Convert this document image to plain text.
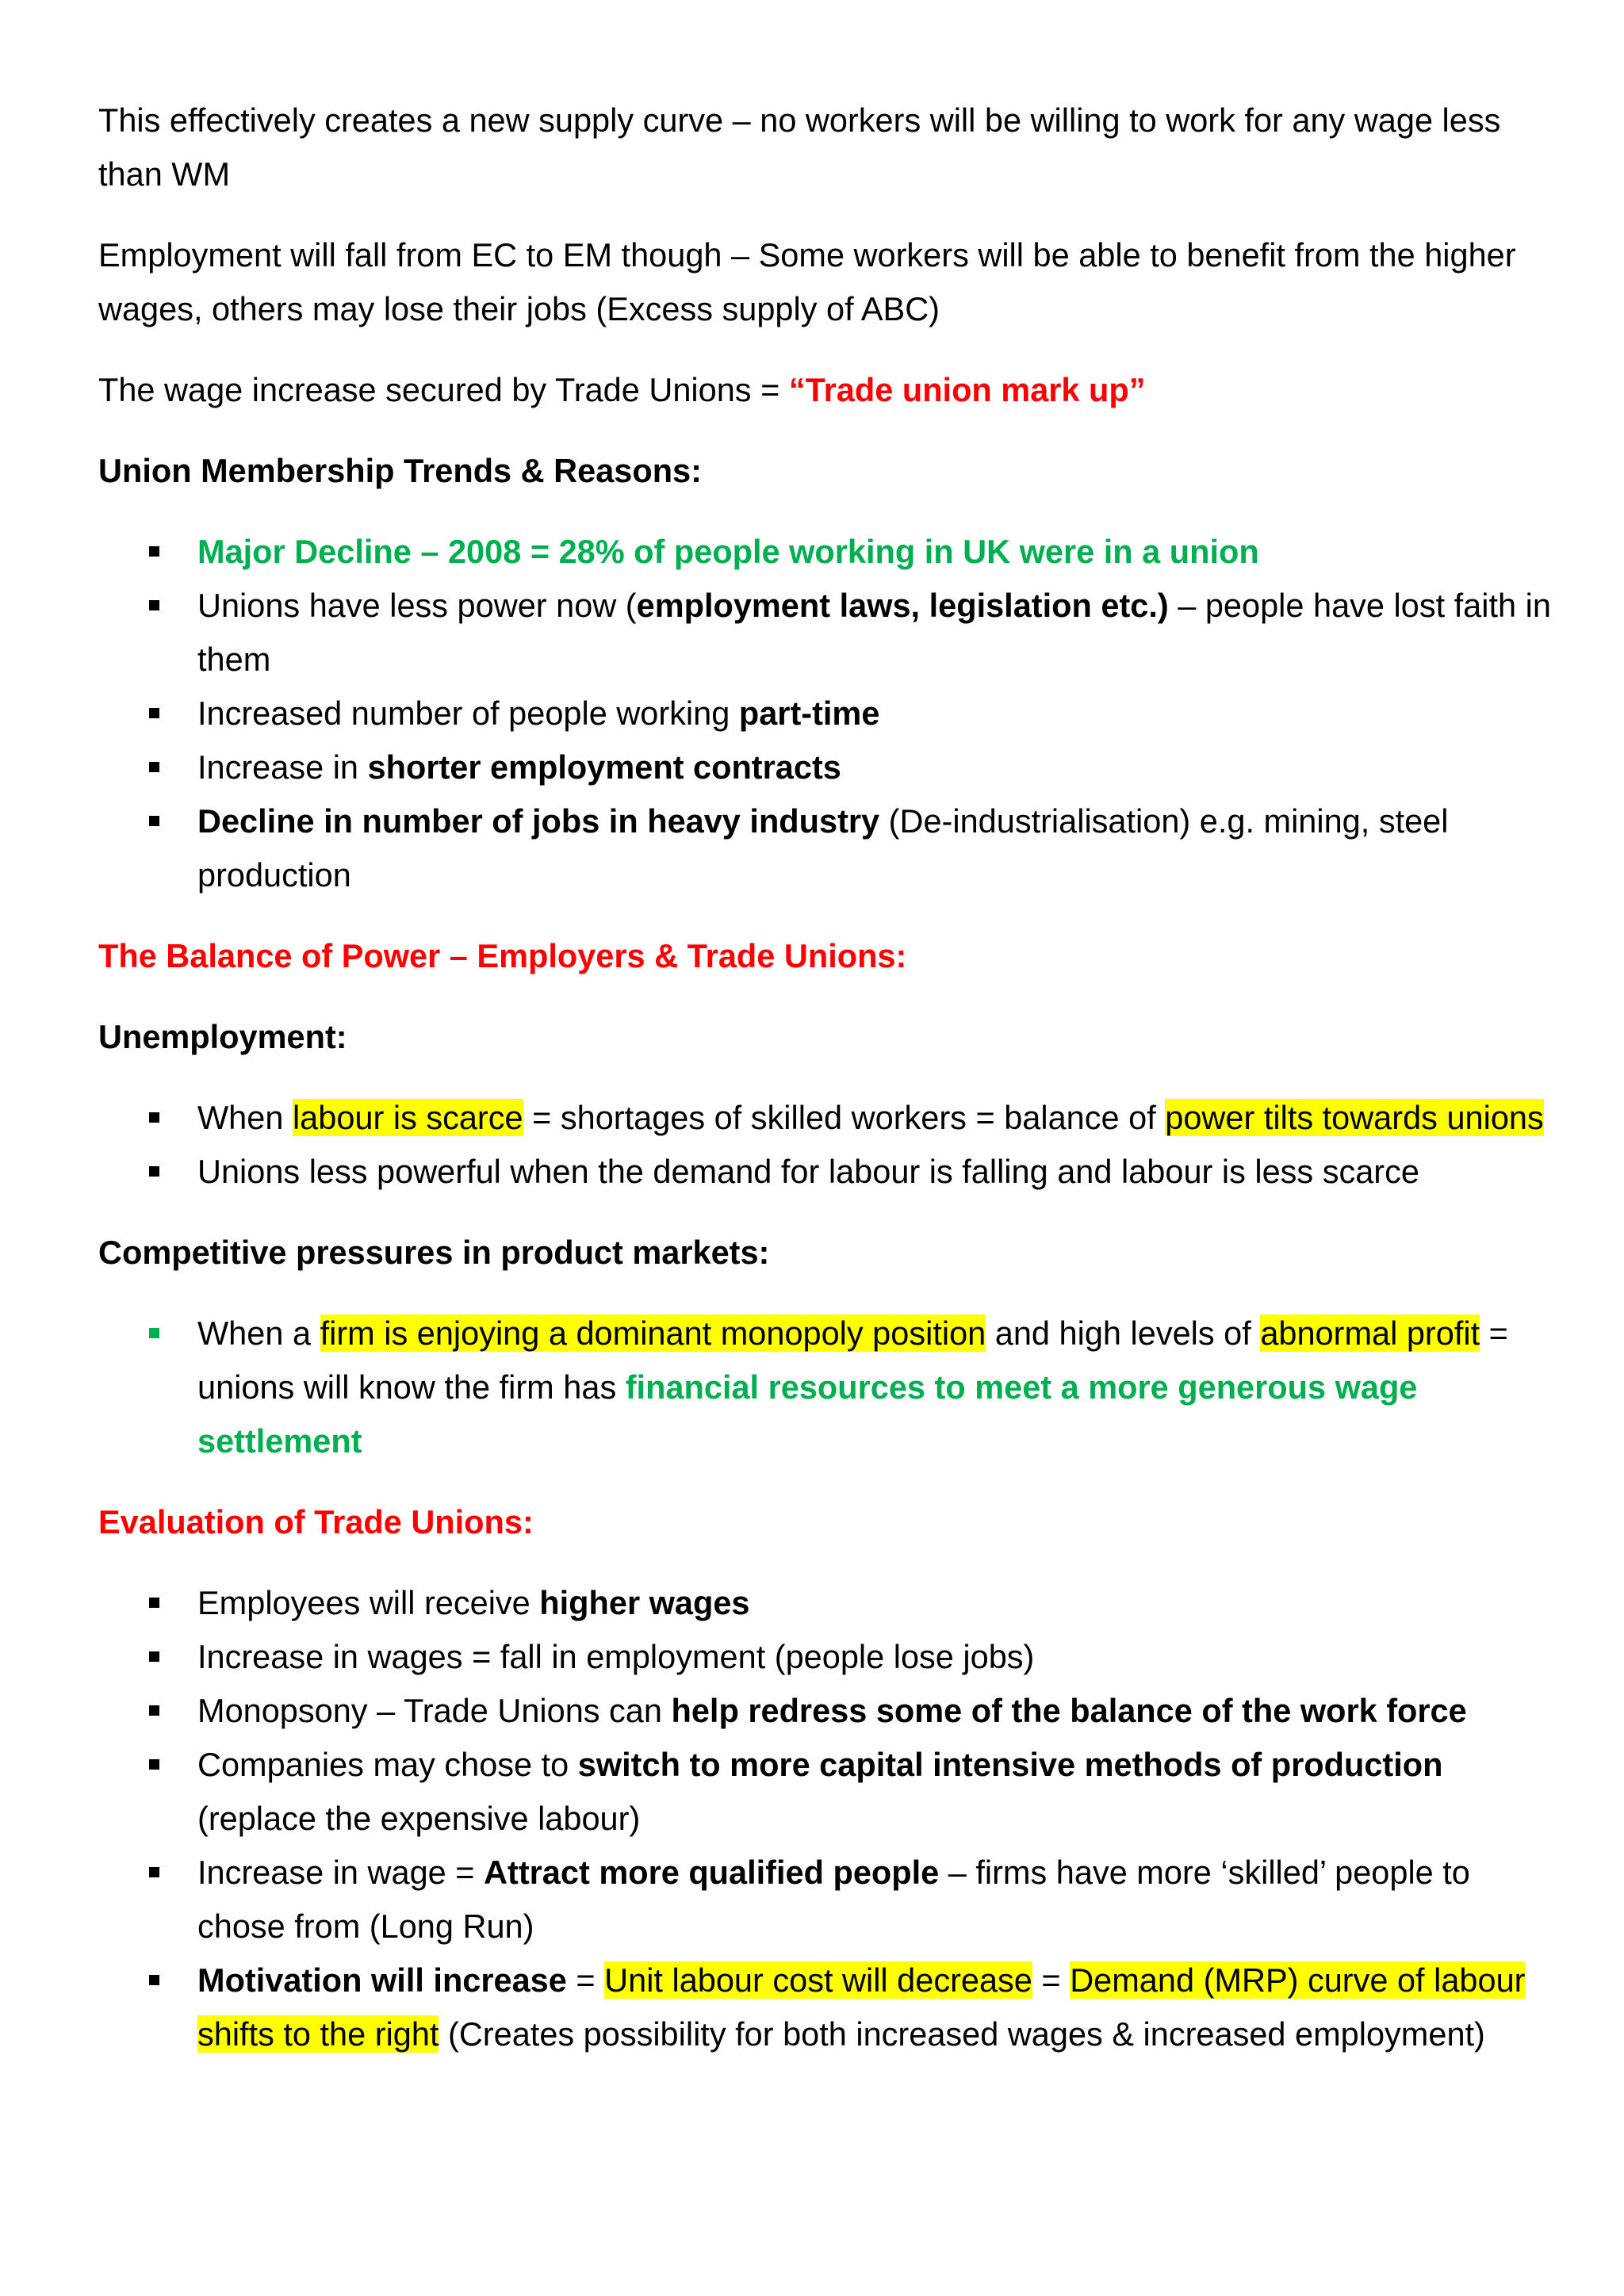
This effectively creates a new supply curve – no workers will be willing to work for any wage less than WM

Employment will fall from EC to EM though – Some workers will be able to benefit from the higher wages, others may lose their jobs (Excess supply of ABC)

The wage increase secured by Trade Unions = “Trade union mark up”

Union Membership Trends & Reasons:

Major Decline – 2008 = 28% of people working in UK were in a union
Unions have less power now (employment laws, legislation etc.) – people have lost faith in them
Increased number of people working part-time
Increase in shorter employment contracts
Decline in number of jobs in heavy industry (De-industrialisation) e.g. mining, steel production

The Balance of Power – Employers & Trade Unions:

Unemployment:

When labour is scarce = shortages of skilled workers = balance of power tilts towards unions
Unions less powerful when the demand for labour is falling and labour is less scarce

Competitive pressures in product markets:

When a firm is enjoying a dominant monopoly position and high levels of abnormal profit = unions will know the firm has financial resources to meet a more generous wage settlement

Evaluation of Trade Unions:

Employees will receive higher wages
Increase in wages = fall in employment (people lose jobs)
Monopsony – Trade Unions can help redress some of the balance of the work force
Companies may chose to switch to more capital intensive methods of production (replace the expensive labour)
Increase in wage = Attract more qualified people – firms have more ‘skilled’ people to chose from (Long Run)
Motivation will increase = Unit labour cost will decrease = Demand (MRP) curve of labour shifts to the right (Creates possibility for both increased wages & increased employment)
